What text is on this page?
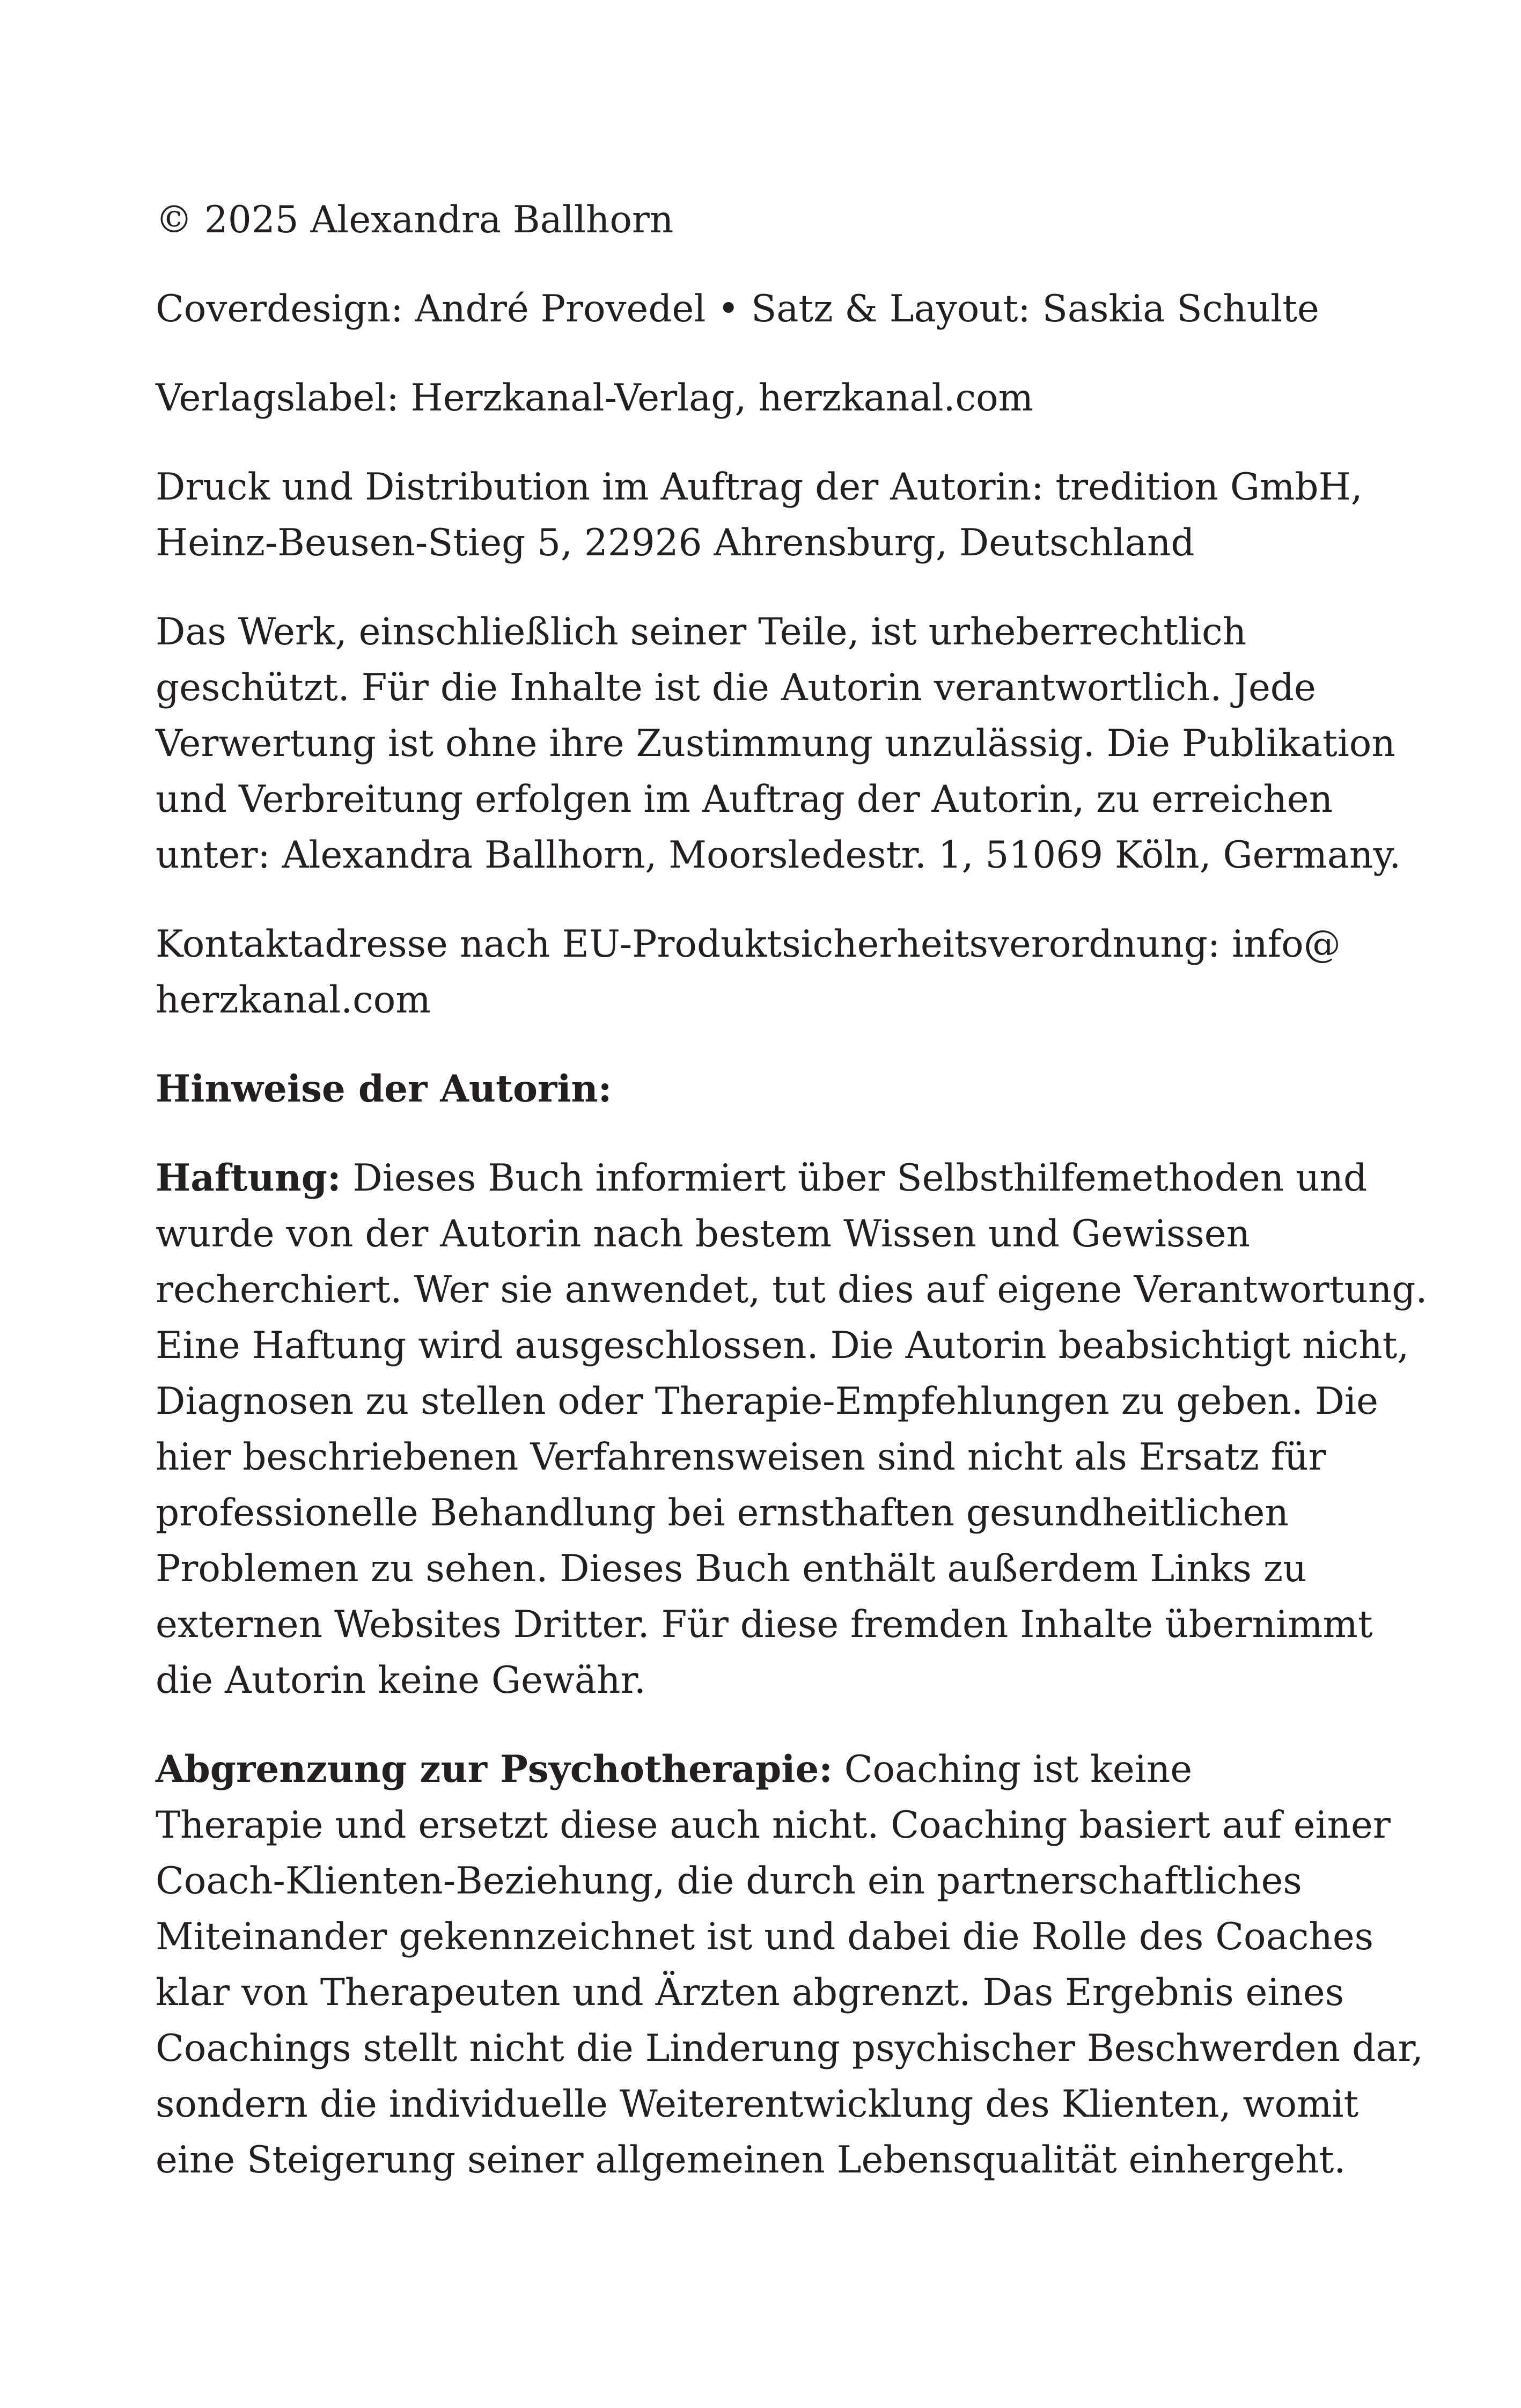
© 2025 Alexandra Ballhorn

Coverdesign: André Provedel • Satz & Layout: Saskia Schulte

Verlagslabel: Herzkanal-Verlag, herzkanal.com

Druck und Distribution im Auftrag der Autorin: tredition GmbH,
Heinz-Beusen-Stieg 5, 22926 Ahrensburg, Deutschland

Das Werk, einschließlich seiner Teile, ist urheberrechtlich
geschützt. Für die Inhalte ist die Autorin verantwortlich. Jede
Verwertung ist ohne ihre Zustimmung unzulässig. Die Publikation
und Verbreitung erfolgen im Auftrag der Autorin, zu erreichen
unter: Alexandra Ballhorn, Moorsledestr. 1, 51069 Köln, Germany.

Kontaktadresse nach EU-Produktsicherheitsverordnung: info@
herzkanal.com

Hinweise der Autorin:

Haftung: Dieses Buch informiert über Selbsthilfemethoden und
wurde von der Autorin nach bestem Wissen und Gewissen
recherchiert. Wer sie anwendet, tut dies auf eigene Verantwortung.
Eine Haftung wird ausgeschlossen. Die Autorin beabsichtigt nicht,
Diagnosen zu stellen oder Therapie-Empfehlungen zu geben. Die
hier beschriebenen Verfahrensweisen sind nicht als Ersatz für
professionelle Behandlung bei ernsthaften gesundheitlichen
Problemen zu sehen. Dieses Buch enthält außerdem Links zu
externen Websites Dritter. Für diese fremden Inhalte übernimmt
die Autorin keine Gewähr.

Abgrenzung zur Psychotherapie: Coaching ist keine
Therapie und ersetzt diese auch nicht. Coaching basiert auf einer
Coach-Klienten-Beziehung, die durch ein partnerschaftliches
Miteinander gekennzeichnet ist und dabei die Rolle des Coaches
klar von Therapeuten und Ärzten abgrenzt. Das Ergebnis eines
Coachings stellt nicht die Linderung psychischer Beschwerden dar,
sondern die individuelle Weiterentwicklung des Klienten, womit
eine Steigerung seiner allgemeinen Lebensqualität einhergeht.
